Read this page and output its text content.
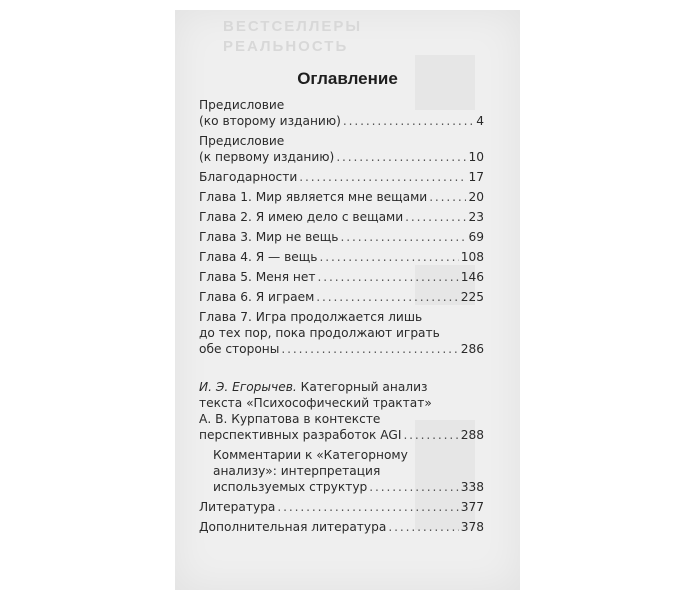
ВЕСТСЕЛЛЕРЫ
РЕАЛЬНОСТЬ
Оглавление
Предисловие
(ко второму изданию) . . .	4
Предисловие
(к первому изданию) . . .	10
Благодарности . . .	17
Глава 1. Мир является мне вещами . . .	20
Глава 2. Я имею дело с вещами . . .	23
Глава 3. Мир не вещь . . .	69
Глава 4. Я — вещь . . .	108
Глава 5. Меня нет . . .	146
Глава 6. Я играем . . .	225
Глава 7. Игра продолжается лишь
до тех пор, пока продолжают играть
обе стороны . . .	286
И. Э. Егорычев. Категорный анализ
текста «Психософический трактат»
А. В. Курпатова в контексте
перспективных разработок AGI . . .	288
Комментарии к «Категорному
анализу»: интерпретация
используемых структур . . .	338
Литература . . .	377
Дополнительная литература . . .	378
